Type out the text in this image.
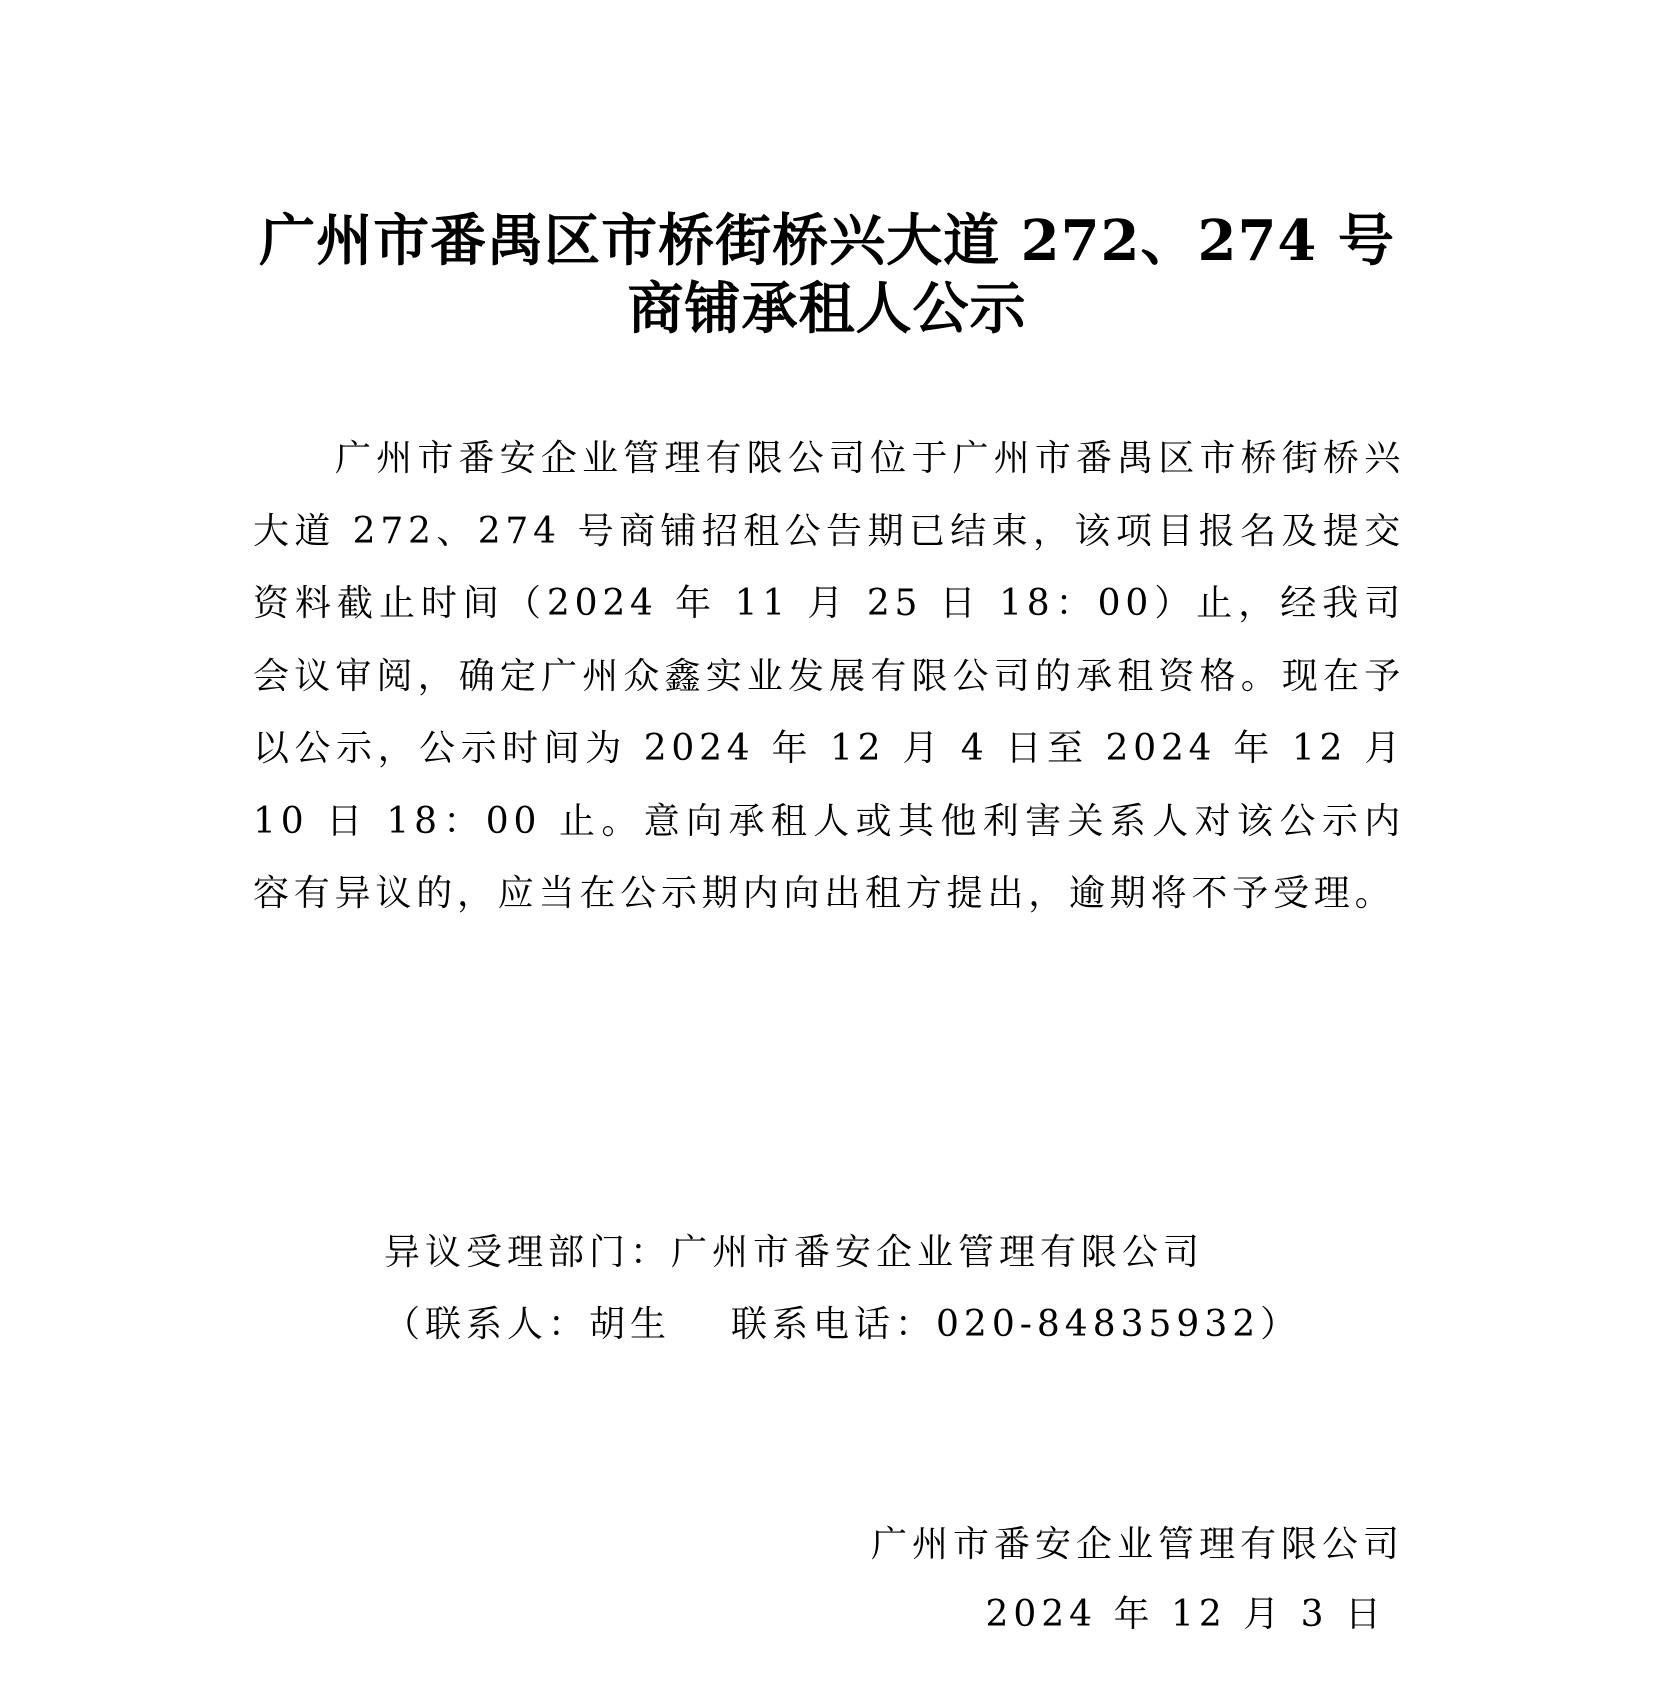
广州市番禺区市桥街桥兴大道 272、274 号
商铺承租人公示

广州市番安企业管理有限公司位于广州市番禺区市桥街桥兴大道 272、274 号商铺招租公告期已结束，该项目报名及提交资料截止时间（2024 年 11 月 25 日 18：00）止，经我司会议审阅，确定广州众鑫实业发展有限公司的承租资格。现在予以公示，公示时间为 2024 年 12 月 4 日至 2024 年 12 月 10 日 18：00 止。意向承租人或其他利害关系人对该公示内容有异议的，应当在公示期内向出租方提出，逾期将不予受理。

异议受理部门：广州市番安企业管理有限公司
（联系人：胡生 联系电话：020-84835932）
广州市番安企业管理有限公司
2024 年 12 月 3 日
